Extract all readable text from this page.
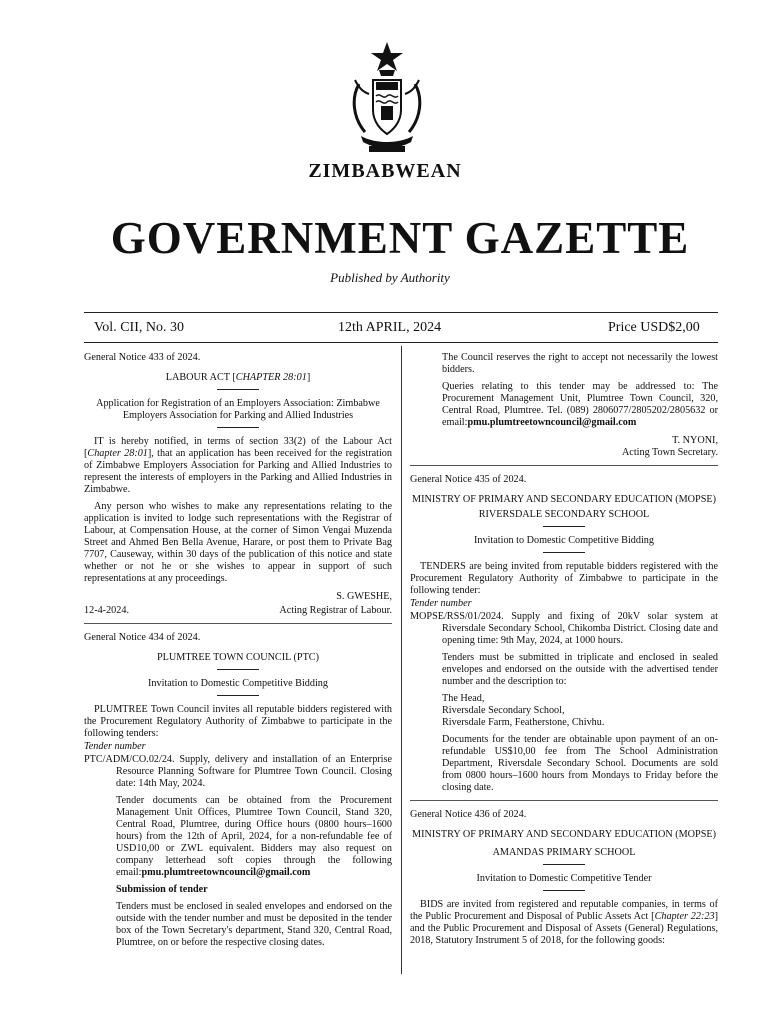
ZIMBABWEAN
GOVERNMENT GAZETTE
Published by Authority
Vol. CII, No. 30	12th APRIL, 2024	Price USD$2,00

General Notice 433 of 2024.

LABOUR ACT [CHAPTER 28:01]

Application for Registration of an Employers Association: Zimbabwe Employers Association for Parking and Allied Industries

IT is hereby notified, in terms of section 33(2) of the Labour Act [Chapter 28:01], that an application has been received for the registration of Zimbabwe Employers Association for Parking and Allied Industries to represent the interests of employers in the Parking and Allied Industries in Zimbabwe.

Any person who wishes to make any representations relating to the application is invited to lodge such representations with the Registrar of Labour, at Compensation House, at the corner of Simon Vengai Muzenda Street and Ahmed Ben Bella Avenue, Harare, or post them to Private Bag 7707, Causeway, within 30 days of the publication of this notice and state whether or not he or she wishes to appear in support of such representations at any proceedings.

S. GWESHE,

12-4-2024.	Acting Registrar of Labour.

General Notice 434 of 2024.

PLUMTREE TOWN COUNCIL (PTC)

Invitation to Domestic Competitive Bidding

PLUMTREE Town Council invites all reputable bidders registered with the Procurement Regulatory Authority of Zimbabwe to participate in the following tenders:

Tender number

PTC/ADM/CO.02/24. Supply, delivery and installation of an Enterprise Resource Planning Software for Plumtree Town Council. Closing date: 14th May, 2024.

Tender documents can be obtained from the Procurement Management Unit Offices, Plumtree Town Council, Stand 320, Central Road, Plumtree, during Office hours (0800 hours–1600 hours) from the 12th of April, 2024, for a non-refundable fee of USD10,00 or ZWL equivalent. Bidders may also request on company letterhead soft copies through the following email:pmu.plumtreetowncouncil@gmail.com

Submission of tender

Tenders must be enclosed in sealed envelopes and endorsed on the outside with the tender number and must be deposited in the tender box of the Town Secretary's department, Stand 320, Central Road, Plumtree, on or before the respective closing dates.

The Council reserves the right to accept not necessarily the lowest bidders.

Queries relating to this tender may be addressed to: The Procurement Management Unit, Plumtree Town Council, 320, Central Road, Plumtree. Tel. (089) 2806077/2805202/2805632 or email:pmu.plumtreetowncouncil@gmail.com

T. NYONI,

Acting Town Secretary.

General Notice 435 of 2024.

MINISTRY OF PRIMARY AND SECONDARY EDUCATION (MOPSE)

RIVERSDALE SECONDARY SCHOOL

Invitation to Domestic Competitive Bidding

TENDERS are being invited from reputable bidders registered with the Procurement Regulatory Authority of Zimbabwe to participate in the following tender:

Tender number

MOPSE/RSS/01/2024. Supply and fixing of 20kV solar system at Riversdale Secondary School, Chikomba District. Closing date and opening time: 9th May, 2024, at 1000 hours.

Tenders must be submitted in triplicate and enclosed in sealed envelopes and endorsed on the outside with the advertised tender number and the description to:

The Head,
Riversdale Secondary School,
Riversdale Farm, Featherstone, Chivhu.

Documents for the tender are obtainable upon payment of an on-refundable US$10,00 fee from The School Administration Department, Riversdale Secondary School. Documents are sold from 0800 hours–1600 hours from Mondays to Friday before the closing date.

General Notice 436 of 2024.

MINISTRY OF PRIMARY AND SECONDARY EDUCATION (MOPSE)

AMANDAS PRIMARY SCHOOL

Invitation to Domestic Competitive Tender

BIDS are invited from registered and reputable companies, in terms of the Public Procurement and Disposal of Public Assets Act [Chapter 22:23] and the Public Procurement and Disposal of Assets (General) Regulations, 2018, Statutory Instrument 5 of 2018, for the following goods:
